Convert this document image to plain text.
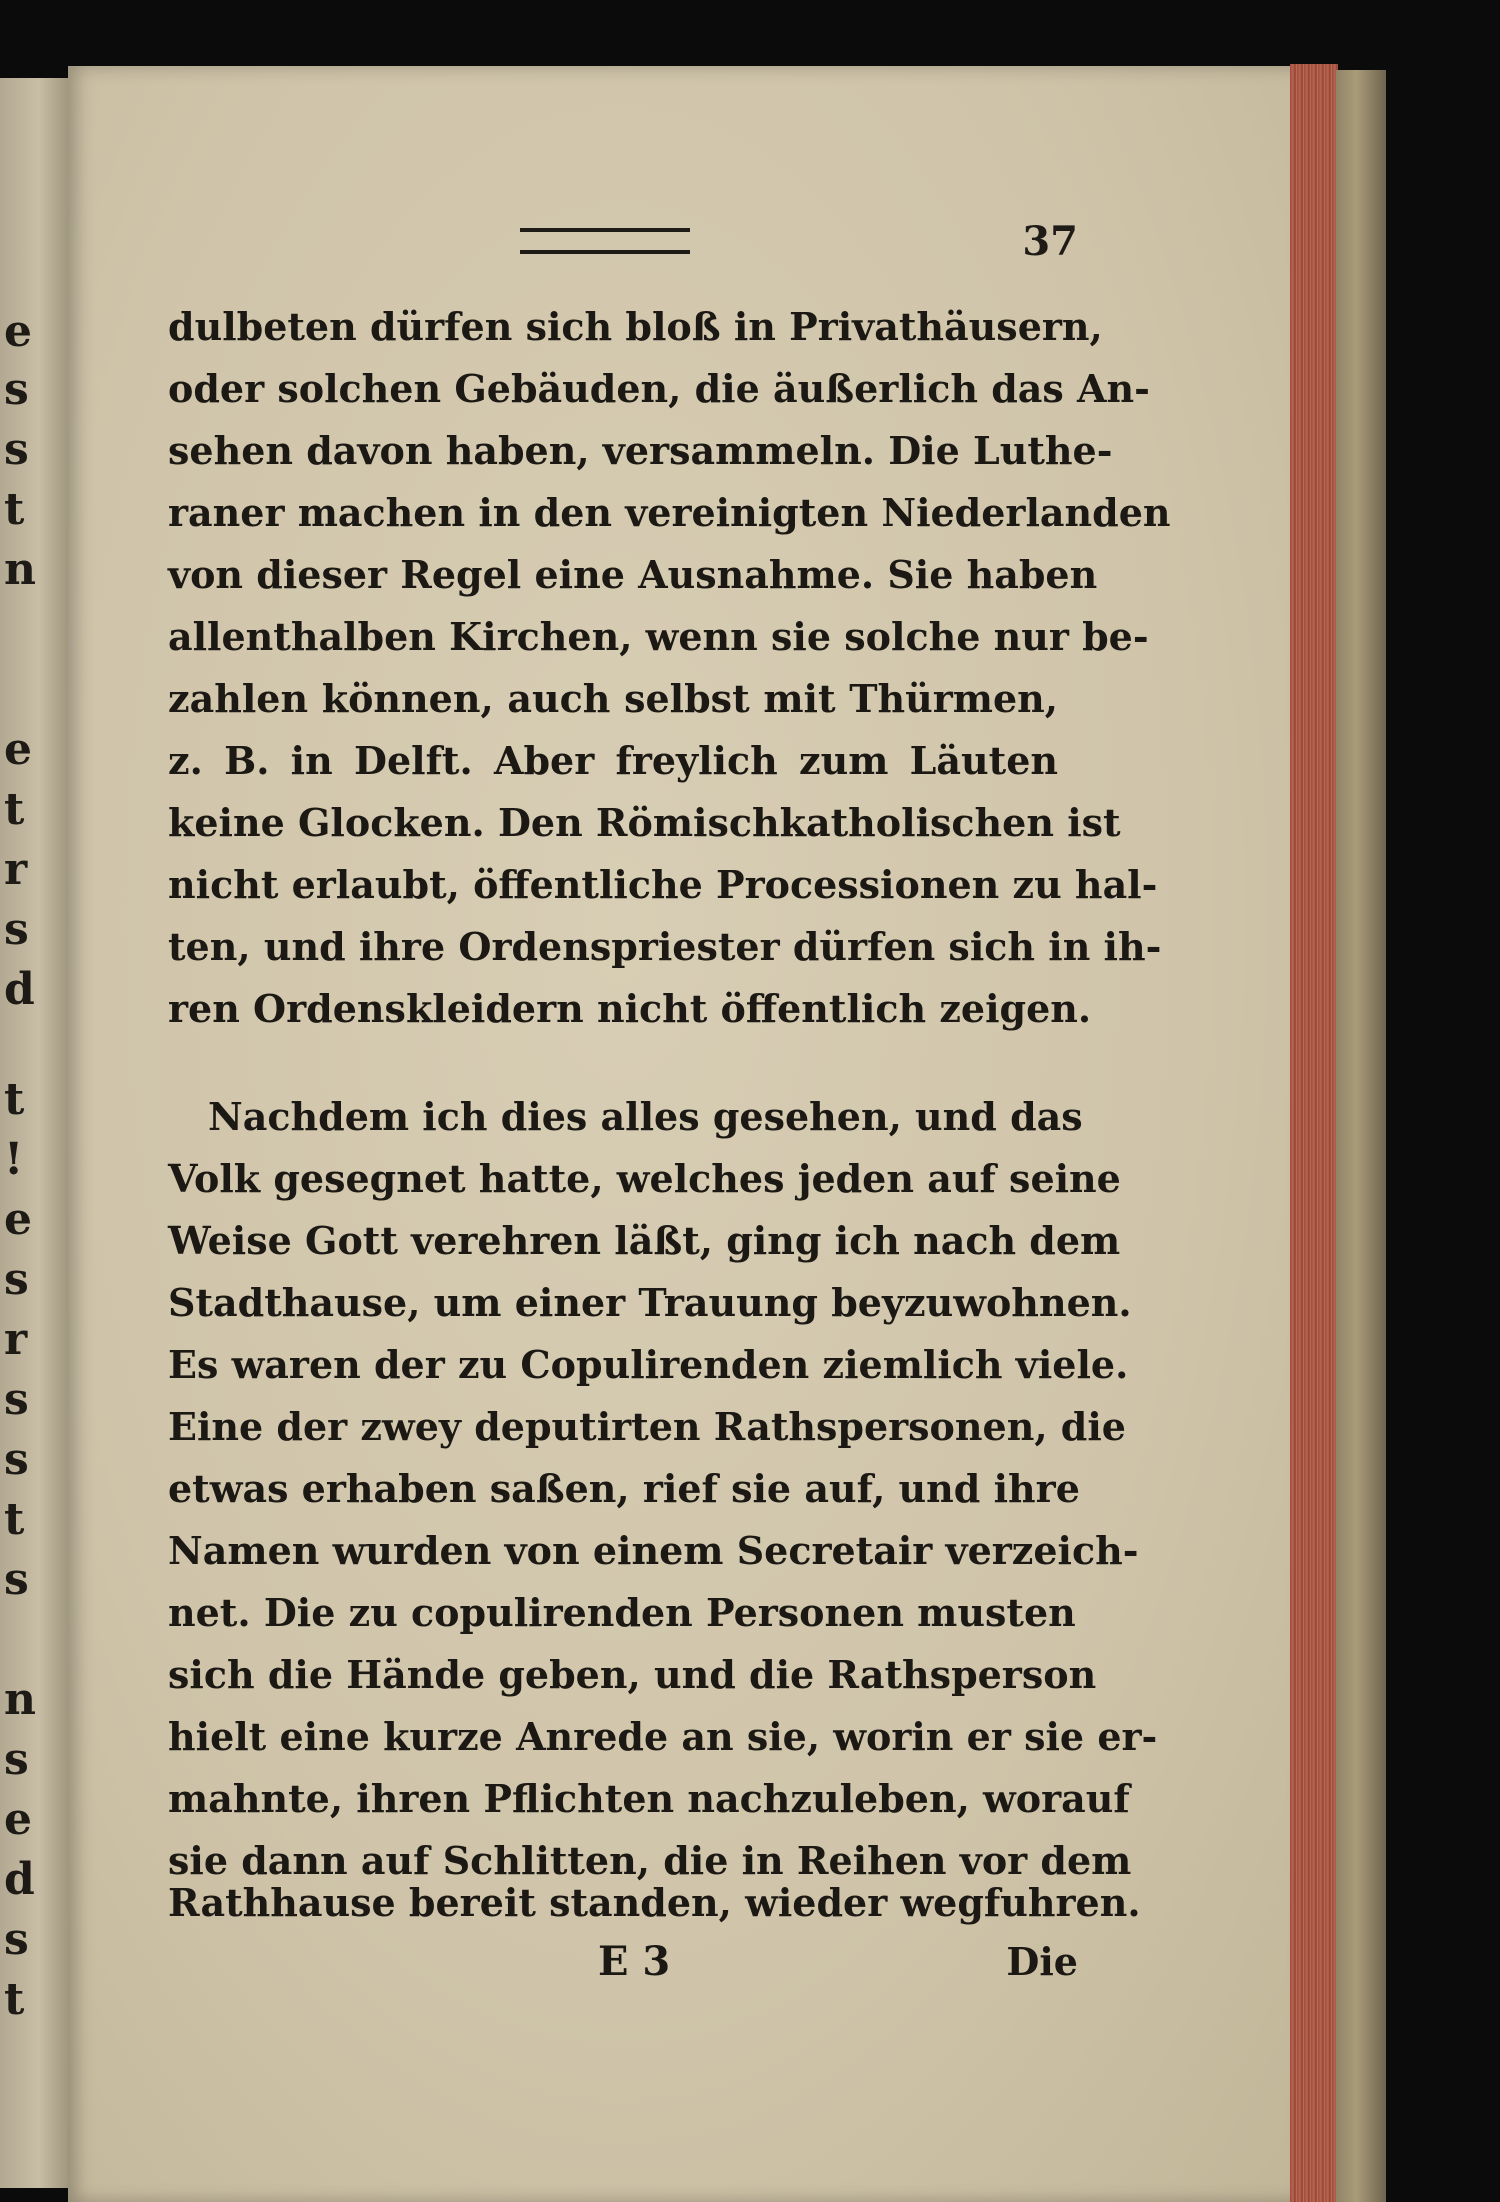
e
s
s
t
n
e
t
r
s
d
t
!
e
s
r
s
s
t
s
n
s
e
d
s
t
37
dulbeten dürfen sich bloß in Privathäusern,
oder solchen Gebäuden, die äußerlich das An-
sehen davon haben, versammeln. Die Luthe-
raner machen in den vereinigten Niederlanden
von dieser Regel eine Ausnahme. Sie haben
allenthalben Kirchen, wenn sie solche nur be-
zahlen können, auch selbst mit Thürmen,
z. B. in Delft. Aber freylich zum Läuten
keine Glocken. Den Römischkatholischen ist
nicht erlaubt, öffentliche Processionen zu hal-
ten, und ihre Ordenspriester dürfen sich in ih-
ren Ordenskleidern nicht öffentlich zeigen.
Nachdem ich dies alles gesehen, und das
Volk gesegnet hatte, welches jeden auf seine
Weise Gott verehren läßt, ging ich nach dem
Stadthause, um einer Trauung beyzuwohnen.
Es waren der zu Copulirenden ziemlich viele.
Eine der zwey deputirten Rathspersonen, die
etwas erhaben saßen, rief sie auf, und ihre
Namen wurden von einem Secretair verzeich-
net. Die zu copulirenden Personen musten
sich die Hände geben, und die Rathsperson
hielt eine kurze Anrede an sie, worin er sie er-
mahnte, ihren Pflichten nachzuleben, worauf
sie dann auf Schlitten, die in Reihen vor dem
Rathhause bereit standen, wieder wegfuhren.
E 3	Die
